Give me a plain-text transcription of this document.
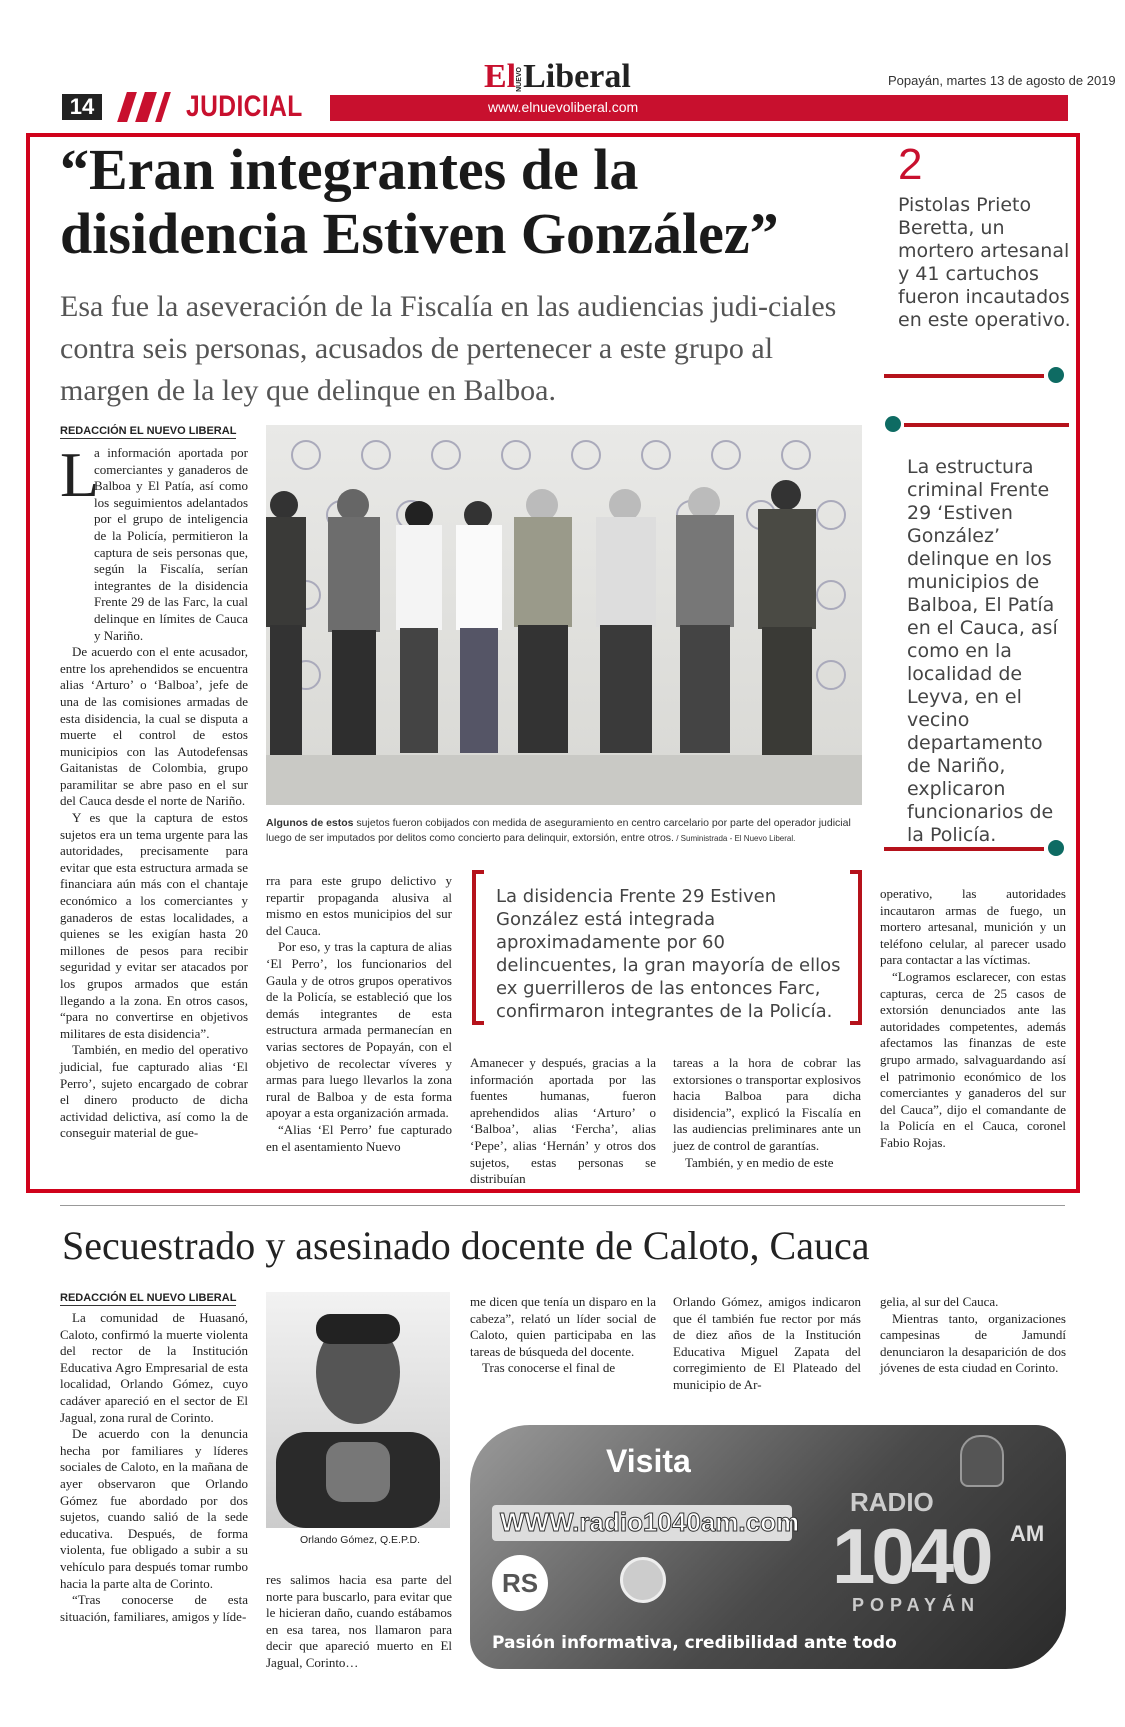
14	JUDICIAL
ElNUEVOLiberal
www.elnuevoliberal.com
Popayán, martes 13 de agosto de 2019
“Eran integrantes de la disidencia Estiven González”
Esa fue la aseveración de la Fiscalía en las audiencias judi-ciales contra seis personas, acusados de pertenecer a este grupo al margen de la ley que delinque en Balboa.
2
Pistolas Prieto Beretta, un mortero artesanal y 41 cartuchos fueron incautados en este operativo.
La estructura criminal Frente 29 ‘Estiven González’ delinque en los municipios de Balboa, El Patía en el Cauca, así como en la localidad de Leyva, en el vecino departamento de Nariño, explicaron funcionarios de la Policía.
REDACCIÓN EL NUEVO LIBERAL
L

a información aportada por comerciantes y ganaderos de Balboa y El Patía, así como los seguimientos adelantados por el grupo de inteligencia de la Policía, permitieron la captura de seis personas que, según la Fiscalía, serían integrantes de la disidencia Frente 29 de las Farc, la cual delinque en límites de Cauca y Nariño.

De acuerdo con el ente acusador, entre los aprehendidos se encuentra alias ‘Arturo’ o ‘Balboa’, jefe de una de las comisiones armadas de esta disidencia, la cual se disputa a muerte el control de estos municipios con las Autodefensas Gaitanistas de Colombia, grupo paramilitar se abre paso en el sur del Cauca desde el norte de Nariño.

Y es que la captura de estos sujetos era un tema urgente para las autoridades, precisamente para evitar que esta estructura armada se financiara aún más con el chantaje económico a los comerciantes y ganaderos de estas localidades, a quienes se les exigían hasta 20 millones de pesos para recibir seguridad y evitar ser atacados por los grupos armados que están llegando a la zona. En otros casos, “para no convertirse en objetivos militares de esta disidencia”.

También, en medio del operativo judicial, fue capturado alias ‘El Perro’, sujeto encargado de cobrar el dinero producto de dicha actividad delictiva, así como la de conseguir material de gue-

Algunos de estos sujetos fueron cobijados con medida de aseguramiento en centro carcelario por parte del operador judicial luego de ser imputados por delitos como concierto para delinquir, extorsión, entre otros. / Suministrada - El Nuevo Liberal.

rra para este grupo delictivo y repartir propaganda alusiva al mismo en estos municipios del sur del Cauca.

Por eso, y tras la captura de alias ‘El Perro’, los funcionarios del Gaula y de otros grupos operativos de la Policía, se estableció que los demás integrantes de esta estructura armada permanecían en varias sectores de Popayán, con el objetivo de recolectar víveres y armas para luego llevarlos la zona rural de Balboa y de esta forma apoyar a esta organización armada.

“Alias ‘El Perro’ fue capturado en el asentamiento Nuevo

La disidencia Frente 29 Estiven González está integrada aproximadamente por 60 delincuentes, la gran mayoría de ellos ex guerrilleros de las entonces Farc, confirmaron integrantes de la Policía.

Amanecer y después, gracias a la información aportada por las fuentes humanas, fueron aprehendidos alias ‘Arturo’ o ‘Balboa’, alias ‘Fercha’, alias ‘Pepe’, alias ‘Hernán’ y otros dos sujetos, estas personas se distribuían

tareas a la hora de cobrar las extorsiones o transportar explosivos hacia Balboa para dicha disidencia”, explicó la Fiscalía en las audiencias preliminares ante un juez de control de garantías.

También, y en medio de este

operativo, las autoridades incautaron armas de fuego, un mortero artesanal, munición y un teléfono celular, al parecer usado para contactar a las víctimas.

“Logramos esclarecer, con estas capturas, cerca de 25 casos de extorsión denunciados ante las autoridades competentes, además afectamos las finanzas de este grupo armado, salvaguardando así el patrimonio económico de los comerciantes y ganaderos del sur del Cauca”, dijo el comandante de la Policía en el Cauca, coronel Fabio Rojas.

Secuestrado y asesinado docente de Caloto, Cauca
REDACCIÓN EL NUEVO LIBERAL

La comunidad de Huasanó, Caloto, confirmó la muerte violenta del rector de la Institución Educativa Agro Empresarial de esta localidad, Orlando Gómez, cuyo cadáver apareció en el sector de El Jagual, zona rural de Corinto.

De acuerdo con la denuncia hecha por familiares y líderes sociales de Caloto, en la mañana de ayer observaron que Orlando Gómez fue abordado por dos sujetos, cuando salió de la sede educativa. Después, de forma violenta, fue obligado a subir a su vehículo para después tomar rumbo hacia la parte alta de Corinto.

“Tras conocerse de esta situación, familiares, amigos y líde-

Orlando Gómez, Q.E.P.D.

res salimos hacia esa parte del norte para buscarlo, para evitar que le hicieran daño, cuando estábamos en esa tarea, nos llamaron para decir que apareció muerto en El Jagual, Corinto…

me dicen que tenía un disparo en la cabeza”, relató un líder social de Caloto, quien participaba en las tareas de búsqueda del docente.

Tras conocerse el final de

Orlando Gómez, amigos indicaron que él también fue rector por más de diez años de la Institución Educativa Miguel Zapata del corregimiento de El Plateado del municipio de Ar-

gelia, al sur del Cauca.

Mientras tanto, organizaciones campesinas de Jamundí denunciaron la desaparición de dos jóvenes de esta ciudad en Corinto.

Visita
WWW.radio1040am.com
RADIO
1040 AM
POPAYÁN
RS
Pasión informativa, credibilidad ante todo
